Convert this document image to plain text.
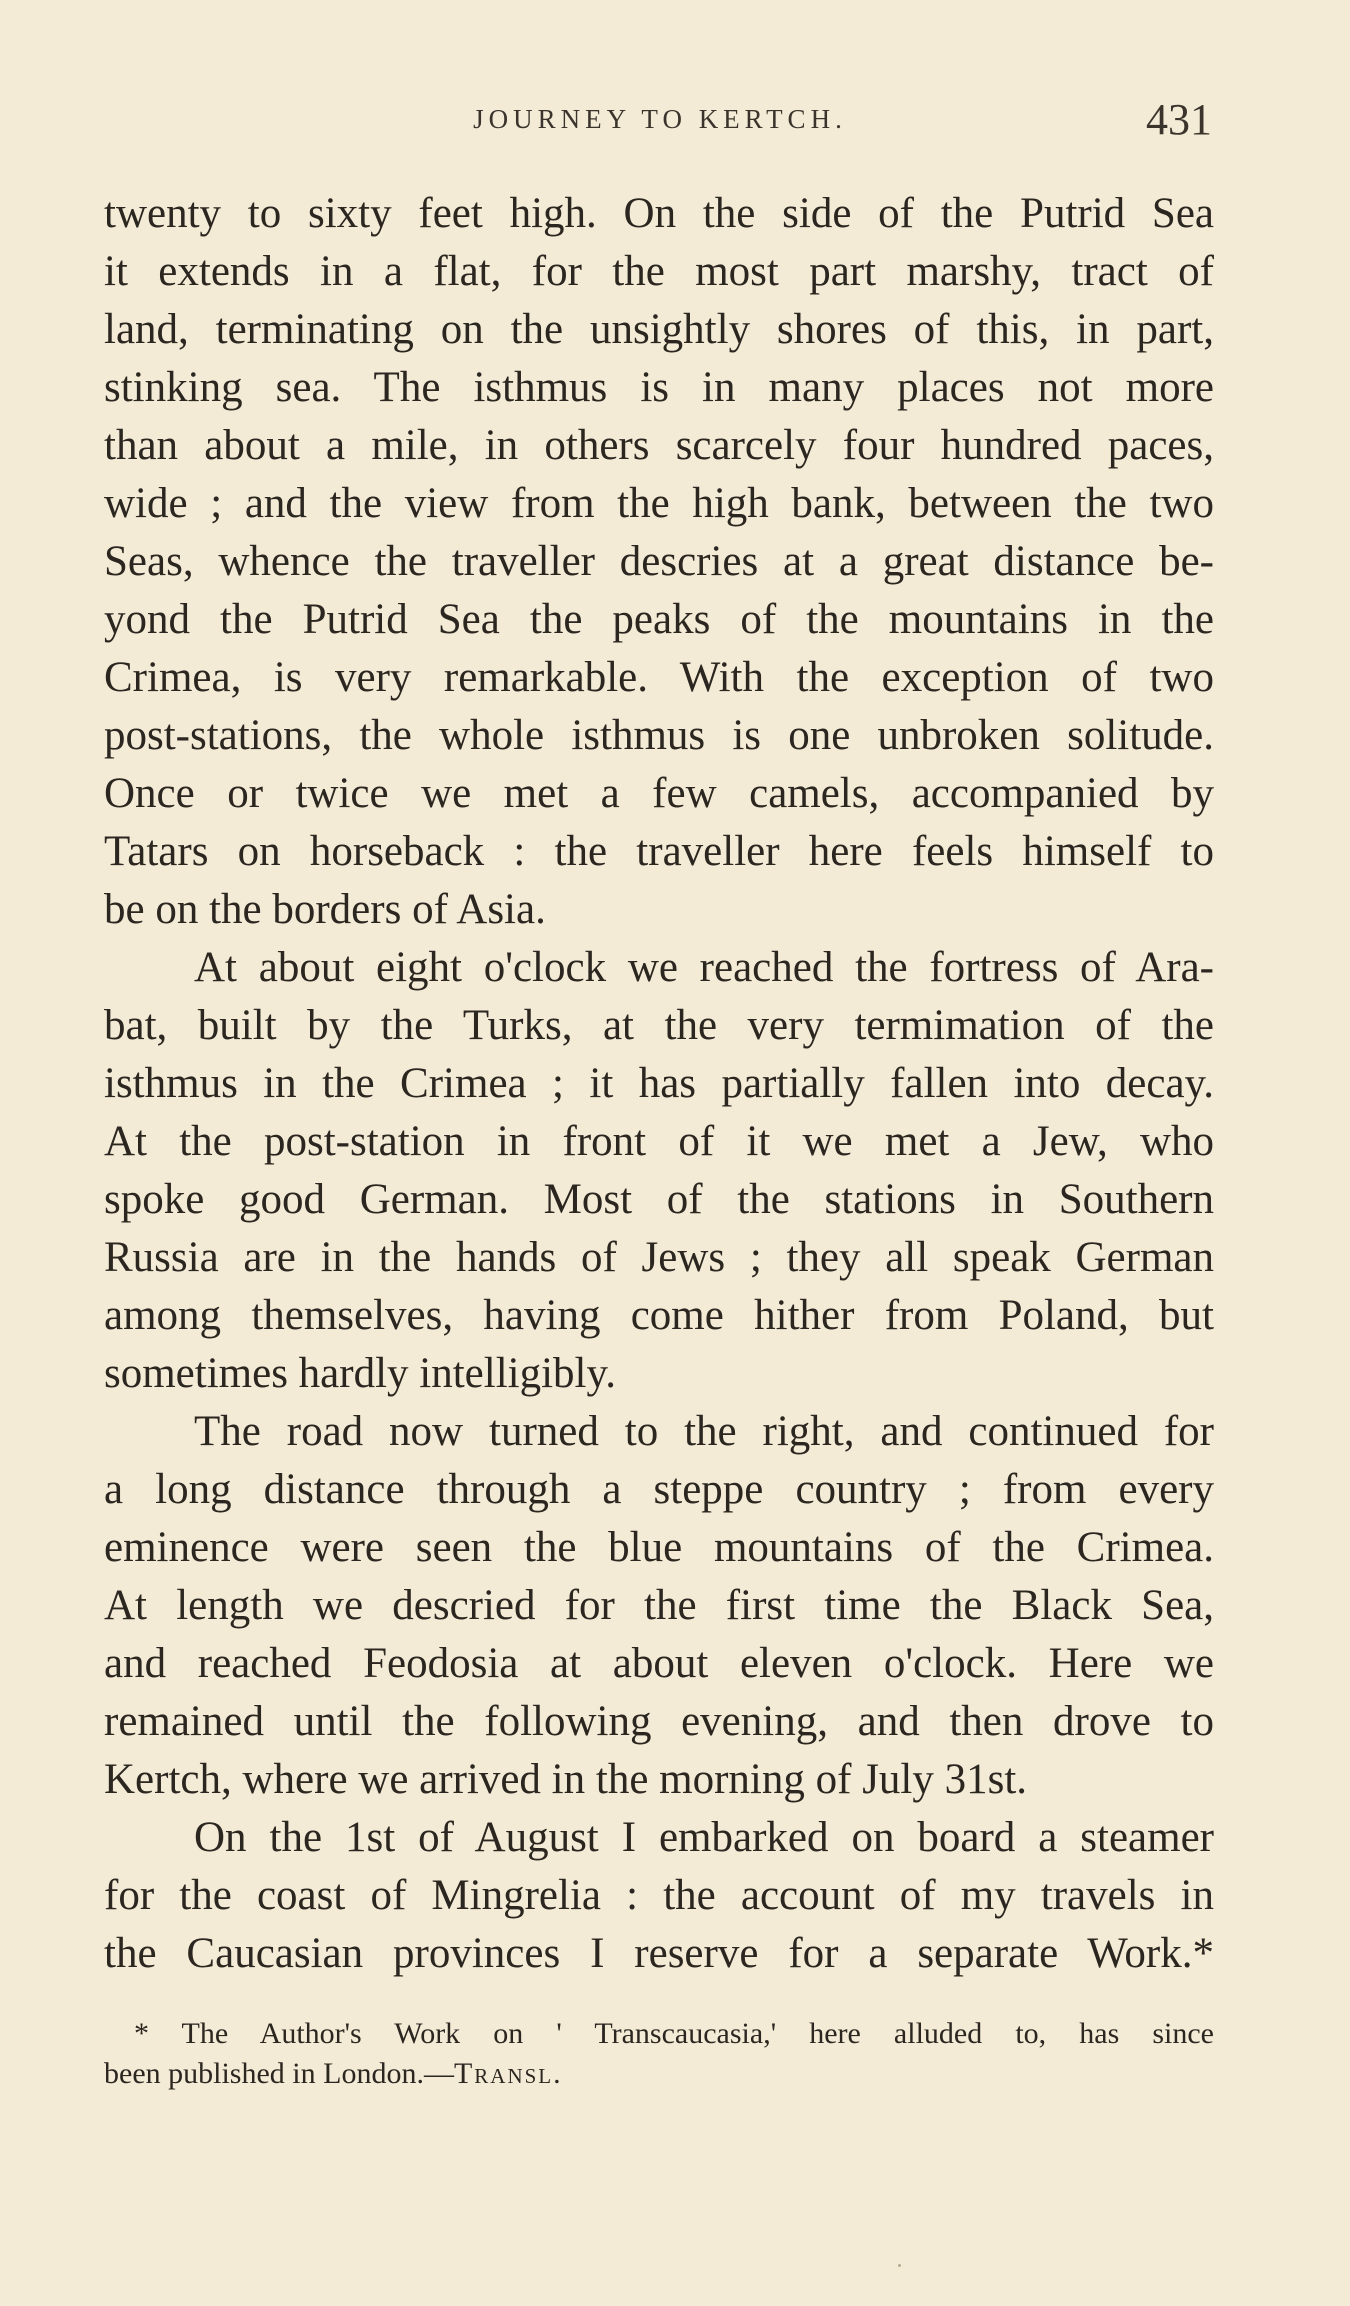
JOURNEY TO KERTCH.	431
twenty to sixty feet high. On the side of the Putrid Sea
it extends in a flat, for the most part marshy, tract of
land, terminating on the unsightly shores of this, in part,
stinking sea. The isthmus is in many places not more
than about a mile, in others scarcely four hundred paces,
wide ; and the view from the high bank, between the two
Seas, whence the traveller descries at a great distance be-
yond the Putrid Sea the peaks of the mountains in the
Crimea, is very remarkable. With the exception of two
post-stations, the whole isthmus is one unbroken solitude.
Once or twice we met a few camels, accompanied by
Tatars on horseback : the traveller here feels himself to
be on the borders of Asia.
At about eight o'clock we reached the fortress of Ara-
bat, built by the Turks, at the very termimation of the
isthmus in the Crimea ; it has partially fallen into decay.
At the post-station in front of it we met a Jew, who
spoke good German. Most of the stations in Southern
Russia are in the hands of Jews ; they all speak German
among themselves, having come hither from Poland, but
sometimes hardly intelligibly.
The road now turned to the right, and continued for
a long distance through a steppe country ; from every
eminence were seen the blue mountains of the Crimea.
At length we descried for the first time the Black Sea,
and reached Feodosia at about eleven o'clock. Here we
remained until the following evening, and then drove to
Kertch, where we arrived in the morning of July 31st.
On the 1st of August I embarked on board a steamer
for the coast of Mingrelia : the account of my travels in
the Caucasian provinces I reserve for a separate Work.*
* The Author's Work on ' Transcaucasia,' here alluded to, has since
been published in London.—Transl.
